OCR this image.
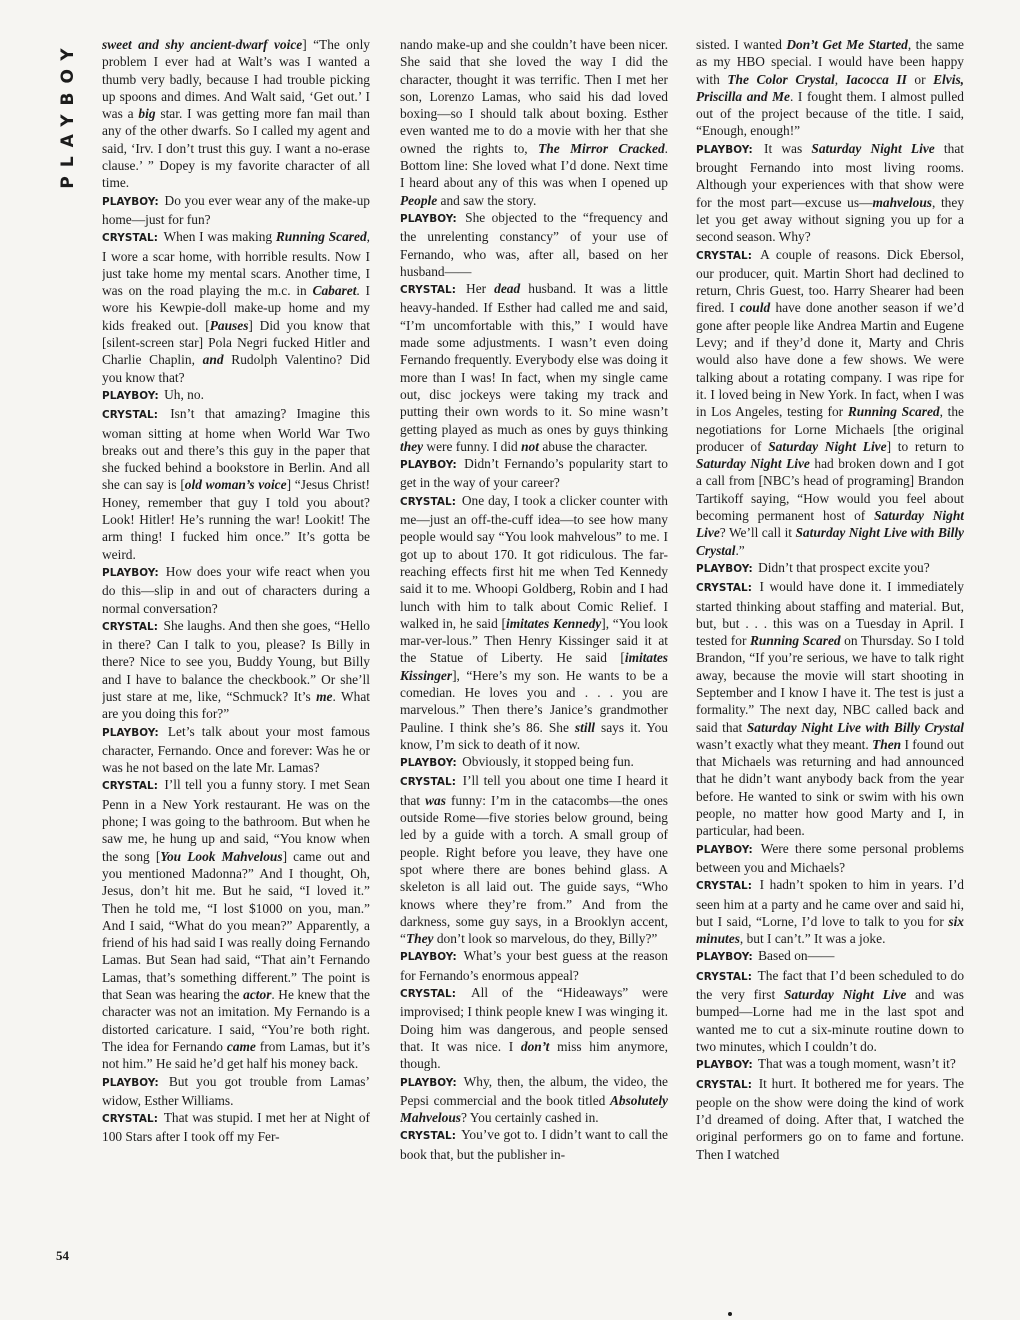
PLAYBOY sweet and shy ancient-dwarf voice] “The only problem I ever had at Walt’s was I wanted a thumb very badly, because I had trouble picking up spoons and dimes. And Walt said, ‘Get out.’ I was a big star. I was getting more fan mail than any of the other dwarfs. So I called my agent and said, ‘Irv. I don’t trust this guy. I want a no-erase clause.’ ” Dopey is my favorite character of all time.

PLAYBOY: Do you ever wear any of the make-up home—just for fun?

CRYSTAL: When I was making Running Scared, I wore a scar home, with horrible results. Now I just take home my mental scars. Another time, I was on the road playing the m.c. in Cabaret. I wore his Kewpie-doll make-up home and my kids freaked out. [Pauses] Did you know that [silent-screen star] Pola Negri fucked Hitler and Charlie Chaplin, and Rudolph Valentino? Did you know that?

PLAYBOY: Uh, no.

CRYSTAL: Isn’t that amazing? Imagine this woman sitting at home when World War Two breaks out and there’s this guy in the paper that she fucked behind a bookstore in Berlin. And all she can say is [old woman’s voice] “Jesus Christ! Honey, remember that guy I told you about? Look! Hitler! He’s running the war! Lookit! The arm thing! I fucked him once.” It’s gotta be weird.

PLAYBOY: How does your wife react when you do this—slip in and out of characters during a normal conversation?

CRYSTAL: She laughs. And then she goes, “Hello in there? Can I talk to you, please? Is Billy in there? Nice to see you, Buddy Young, but Billy and I have to balance the checkbook.” Or she’ll just stare at me, like, “Schmuck? It’s me. What are you doing this for?”

PLAYBOY: Let’s talk about your most famous character, Fernando. Once and forever: Was he or was he not based on the late Mr. Lamas?

CRYSTAL: I’ll tell you a funny story. I met Sean Penn in a New York restaurant. He was on the phone; I was going to the bathroom. But when he saw me, he hung up and said, “You know when the song [You Look Mahvelous] came out and you mentioned Madonna?” And I thought, Oh, Jesus, don’t hit me. But he said, “I loved it.” Then he told me, “I lost $1000 on you, man.” And I said, “What do you mean?” Apparently, a friend of his had said I was really doing Fernando Lamas. But Sean had said, “That ain’t Fernando Lamas, that’s something different.” The point is that Sean was hearing the actor. He knew that the character was not an imitation. My Fernando is a distorted caricature. I said, “You’re both right. The idea for Fernando came from Lamas, but it’s not him.” He said he’d get half his money back.

PLAYBOY: But you got trouble from Lamas’ widow, Esther Williams.

CRYSTAL: That was stupid. I met her at Night of 100 Stars after I took off my Fer-

nando make-up and she couldn’t have been nicer. She said that she loved the way I did the character, thought it was terrific. Then I met her son, Lorenzo Lamas, who said his dad loved boxing—so I should talk about boxing. Esther even wanted me to do a movie with her that she owned the rights to, The Mirror Cracked. Bottom line: She loved what I’d done. Next time I heard about any of this was when I opened up People and saw the story.

PLAYBOY: She objected to the “frequency and the unrelenting constancy” of your use of Fernando, who was, after all, based on her husband——

CRYSTAL: Her dead husband. It was a little heavy-handed. If Esther had called me and said, “I’m uncomfortable with this,” I would have made some adjustments. I wasn’t even doing Fernando frequently. Everybody else was doing it more than I was! In fact, when my single came out, disc jockeys were taking my track and putting their own words to it. So mine wasn’t getting played as much as ones by guys thinking they were funny. I did not abuse the character.

PLAYBOY: Didn’t Fernando’s popularity start to get in the way of your career?

CRYSTAL: One day, I took a clicker counter with me—just an off-the-cuff idea—to see how many people would say “You look mahvelous” to me. I got up to about 170. It got ridiculous. The far-reaching effects first hit me when Ted Kennedy said it to me. Whoopi Goldberg, Robin and I had lunch with him to talk about Comic Relief. I walked in, he said [imitates Kennedy], “You look mar-ver-lous.” Then Henry Kissinger said it at the Statue of Liberty. He said [imitates Kissinger], “Here’s my son. He wants to be a comedian. He loves you and . . . you are marvelous.” Then there’s Janice’s grandmother Pauline. I think she’s 86. She still says it. You know, I’m sick to death of it now.

PLAYBOY: Obviously, it stopped being fun.

CRYSTAL: I’ll tell you about one time I heard it that was funny: I’m in the catacombs—the ones outside Rome—five stories below ground, being led by a guide with a torch. A small group of people. Right before you leave, they have one spot where there are bones behind glass. A skeleton is all laid out. The guide says, “Who knows where they’re from.” And from the darkness, some guy says, in a Brooklyn accent, “They don’t look so marvelous, do they, Billy?”

PLAYBOY: What’s your best guess at the reason for Fernando’s enormous appeal?

CRYSTAL: All of the “Hideaways” were improvised; I think people knew I was winging it. Doing him was dangerous, and people sensed that. It was nice. I don’t miss him anymore, though.

PLAYBOY: Why, then, the album, the video, the Pepsi commercial and the book titled Absolutely Mahvelous? You certainly cashed in.

CRYSTAL: You’ve got to. I didn’t want to call the book that, but the publisher in-

sisted. I wanted Don’t Get Me Started, the same as my HBO special. I would have been happy with The Color Crystal, Iacocca II or Elvis, Priscilla and Me. I fought them. I almost pulled out of the project because of the title. I said, “Enough, enough!”

PLAYBOY: It was Saturday Night Live that brought Fernando into most living rooms. Although your experiences with that show were for the most part—excuse us—mahvelous, they let you get away without signing you up for a second season. Why?

CRYSTAL: A couple of reasons. Dick Ebersol, our producer, quit. Martin Short had declined to return, Chris Guest, too. Harry Shearer had been fired. I could have done another season if we’d gone after people like Andrea Martin and Eugene Levy; and if they’d done it, Marty and Chris would also have done a few shows. We were talking about a rotating company. I was ripe for it. I loved being in New York. In fact, when I was in Los Angeles, testing for Running Scared, the negotiations for Lorne Michaels [the original producer of Saturday Night Live] to return to Saturday Night Live had broken down and I got a call from [NBC’s head of programing] Brandon Tartikoff saying, “How would you feel about becoming permanent host of Saturday Night Live? We’ll call it Saturday Night Live with Billy Crystal.”

PLAYBOY: Didn’t that prospect excite you?

CRYSTAL: I would have done it. I immediately started thinking about staffing and material. But, but, but . . . this was on a Tuesday in April. I tested for Running Scared on Thursday. So I told Brandon, “If you’re serious, we have to talk right away, because the movie will start shooting in September and I know I have it. The test is just a formality.” The next day, NBC called back and said that Saturday Night Live with Billy Crystal wasn’t exactly what they meant. Then I found out that Michaels was returning and had announced that he didn’t want anybody back from the year before. He wanted to sink or swim with his own people, no matter how good Marty and I, in particular, had been.

PLAYBOY: Were there some personal problems between you and Michaels?

CRYSTAL: I hadn’t spoken to him in years. I’d seen him at a party and he came over and said hi, but I said, “Lorne, I’d love to talk to you for six minutes, but I can’t.” It was a joke.

PLAYBOY: Based on——

CRYSTAL: The fact that I’d been scheduled to do the very first Saturday Night Live and was bumped—Lorne had me in the last spot and wanted me to cut a six-minute routine down to two minutes, which I couldn’t do.

PLAYBOY: That was a tough moment, wasn’t it?

CRYSTAL: It hurt. It bothered me for years. The people on the show were doing the kind of work I’d dreamed of doing. After that, I watched the original performers go on to fame and fortune. Then I watched

54
